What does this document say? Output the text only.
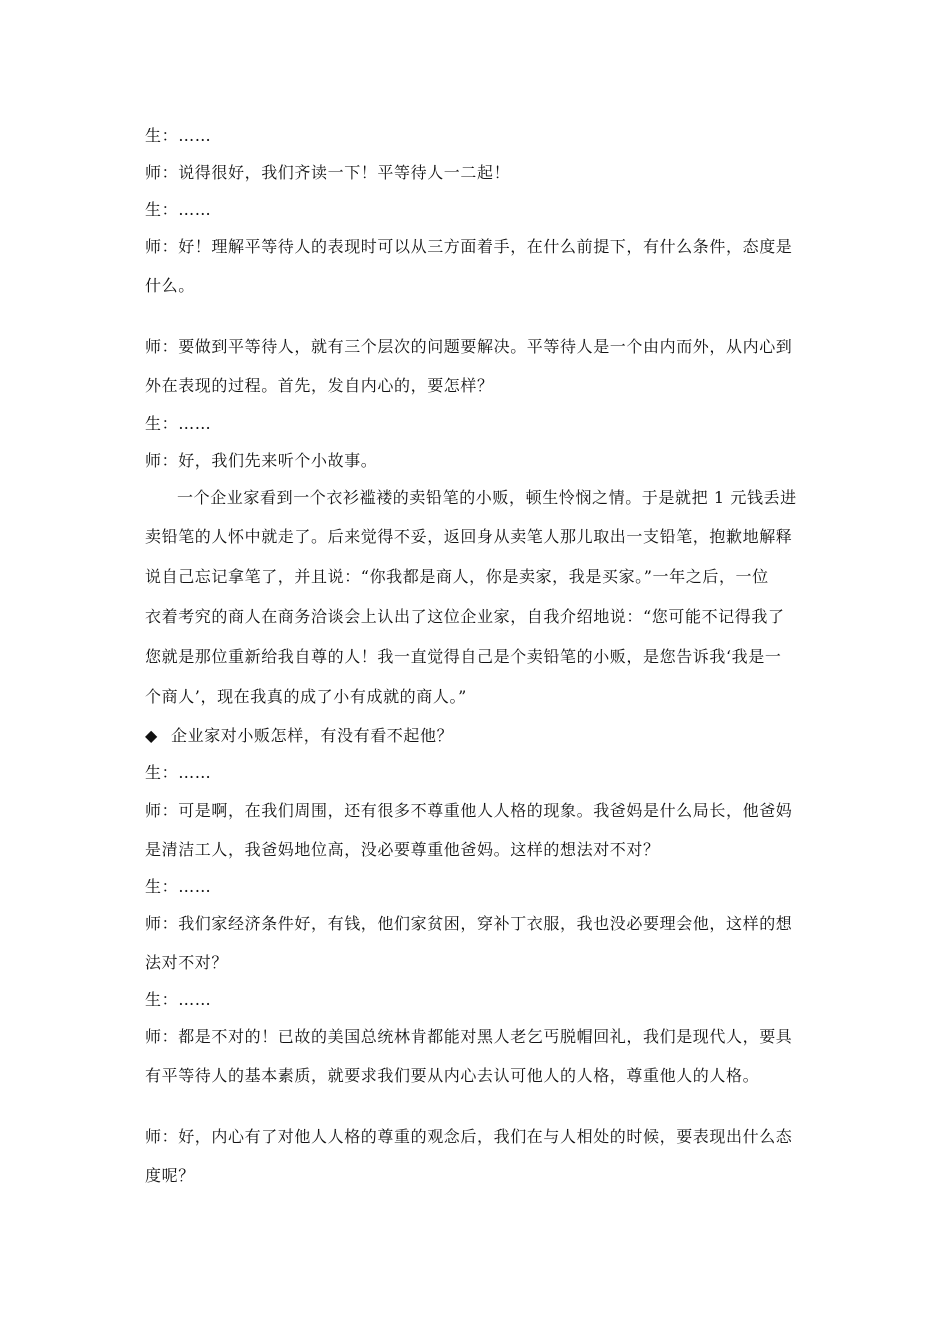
生：……
师：说得很好，我们齐读一下！平等待人一二起！
生：……
师：好！理解平等待人的表现时可以从三方面着手，在什么前提下，有什么条件，态度是
什么。
师：要做到平等待人，就有三个层次的问题要解决。平等待人是一个由内而外，从内心到
外在表现的过程。首先，发自内心的，要怎样？
生：……
师：好，我们先来听个小故事。
一个企业家看到一个衣衫褴褛的卖铅笔的小贩，顿生怜悯之情。于是就把 1 元钱丢进
卖铅笔的人怀中就走了。后来觉得不妥，返回身从卖笔人那儿取出一支铅笔，抱歉地解释
说自己忘记拿笔了，并且说：“你我都是商人，你是卖家，我是买家。”一年之后，一位
衣着考究的商人在商务洽谈会上认出了这位企业家，自我介绍地说：“您可能不记得我了
您就是那位重新给我自尊的人！我一直觉得自己是个卖铅笔的小贩，是您告诉我‘我是一
个商人’，现在我真的成了小有成就的商人。”
◆ 企业家对小贩怎样，有没有看不起他？
生：……
师：可是啊，在我们周围，还有很多不尊重他人人格的现象。我爸妈是什么局长，他爸妈
是清洁工人，我爸妈地位高，没必要尊重他爸妈。这样的想法对不对？
生：……
师：我们家经济条件好，有钱，他们家贫困，穿补丁衣服，我也没必要理会他，这样的想
法对不对？
生：……
师：都是不对的！已故的美国总统林肯都能对黑人老乞丐脱帽回礼，我们是现代人，要具
有平等待人的基本素质，就要求我们要从内心去认可他人的人格，尊重他人的人格。
师：好，内心有了对他人人格的尊重的观念后，我们在与人相处的时候，要表现出什么态
度呢？
